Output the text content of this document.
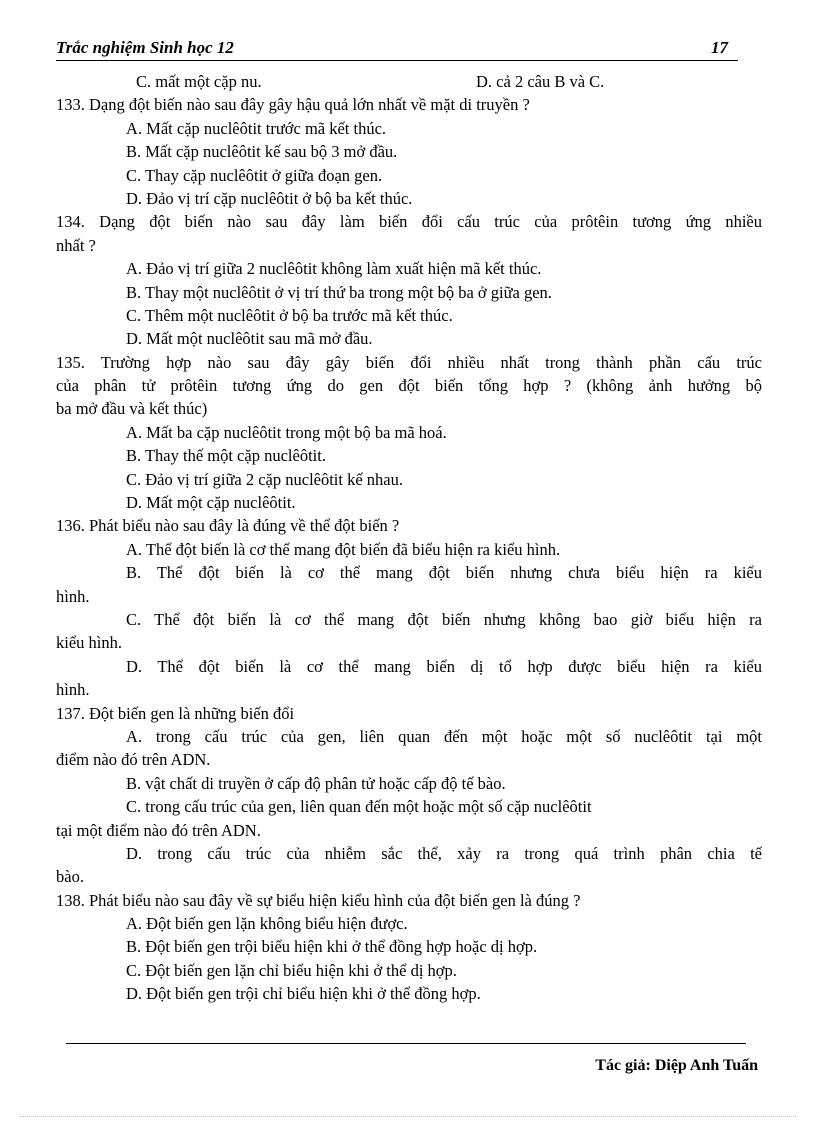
Trắc nghiệm Sinh học 12	17
C. mất một cặp nu.	D. cả 2 câu B và C.
133. Dạng đột biến nào sau đây gây hậu quả lớn nhất về mặt di truyền ?
A. Mất cặp nuclêôtit trước mã kết thúc.
B. Mất cặp nuclêôtit kế sau bộ 3 mở đầu.
C. Thay cặp nuclêôtit ở giữa đoạn gen.
D. Đảo vị trí cặp nuclêôtit ở bộ ba kết thúc.
134. Dạng đột biến nào sau đây làm biến đổi cấu trúc của prôtêin tương ứng nhiều
nhất ?
A. Đảo vị trí giữa 2 nuclêôtit không làm xuất hiện mã kết thúc.
B. Thay một nuclêôtit ở vị trí thứ ba trong một bộ ba ở giữa gen.
C. Thêm một nuclêôtit ở bộ ba trước mã kết thúc.
D. Mất một nuclêôtit sau mã mở đầu.
135. Trường hợp nào sau đây gây biến đổi nhiều nhất trong thành phần cấu trúc
của phân tử prôtêin tương ứng do gen đột biến tổng hợp ? (không ảnh hưởng bộ
ba mở đầu và kết thúc)
A. Mất ba cặp nuclêôtit trong một bộ ba mã hoá.
B. Thay thế một cặp nuclêôtit.
C. Đảo vị trí giữa 2 cặp nuclêôtit kế nhau.
D. Mất một cặp nuclêôtit.
136. Phát biểu nào sau đây là đúng về thể đột biến ?
A. Thể đột biến là cơ thể mang đột biến đã biểu hiện ra kiểu hình.
B. Thể đột biến là cơ thể mang đột biến nhưng chưa biểu hiện ra kiểu
hình.
C. Thể đột biến là cơ thể mang đột biến nhưng không bao giờ biểu hiện ra
kiểu hình.
D. Thể đột biến là cơ thể mang biến dị tổ hợp được biểu hiện ra kiểu
hình.
137. Đột biến gen là những biến đổi
A. trong cấu trúc của gen, liên quan đến một hoặc một số nuclêôtit tại một
điểm nào đó trên ADN.
B. vật chất di truyền ở cấp độ phân tử hoặc cấp độ tế bào.
C. trong cấu trúc của gen, liên quan đến một hoặc một số cặp nuclêôtit
tại một điểm nào đó trên ADN.
D. trong cấu trúc của nhiễm sắc thể, xảy ra trong quá trình phân chia tế
bào.
138. Phát biểu nào sau đây về sự biểu hiện kiểu hình của đột biến gen là đúng ?
A. Đột biến gen lặn không biểu hiện được.
B. Đột biến gen trội biểu hiện khi ở thể đồng hợp hoặc dị hợp.
C. Đột biến gen lặn chỉ biểu hiện khi ở thể dị hợp.
D. Đột biến gen trội chỉ biểu hiện khi ở thể đồng hợp.
Tác giả: Diệp Anh Tuấn
